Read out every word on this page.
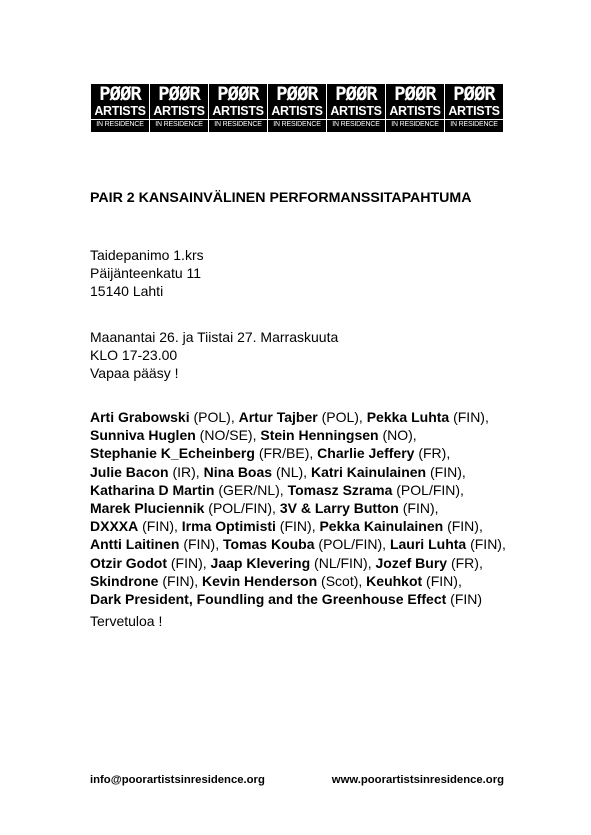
PØØR
ARTISTS
IN RESIDENCE
PØØR
ARTISTS
IN RESIDENCE
PØØR
ARTISTS
IN RESIDENCE
PØØR
ARTISTS
IN RESIDENCE
PØØR
ARTISTS
IN RESIDENCE
PØØR
ARTISTS
IN RESIDENCE
PØØR
ARTISTS
IN RESIDENCE
PAIR 2 KANSAINVÄLINEN PERFORMANSSITAPAHTUMA
Taidepanimo 1.krs
Päijänteenkatu 11
15140 Lahti
Maanantai 26. ja Tiistai 27. Marraskuuta
KLO 17-23.00
Vapaa pääsy !
Arti Grabowski (POL), Artur Tajber (POL), Pekka Luhta (FIN),
Sunniva Huglen (NO/SE), Stein Henningsen (NO),
Stephanie K_Echeinberg (FR/BE), Charlie Jeffery (FR),
Julie Bacon (IR), Nina Boas (NL), Katri Kainulainen (FIN),
Katharina D Martin (GER/NL), Tomasz Szrama (POL/FIN),
Marek Pluciennik (POL/FIN), 3V & Larry Button (FIN),
DXXXA (FIN), Irma Optimisti (FIN), Pekka Kainulainen (FIN),
Antti Laitinen (FIN), Tomas Kouba (POL/FIN), Lauri Luhta (FIN),
Otzir Godot (FIN), Jaap Klevering (NL/FIN), Jozef Bury (FR),
Skindrone (FIN), Kevin Henderson (Scot), Keuhkot (FIN),
Dark President, Foundling and the Greenhouse Effect (FIN)
Tervetuloa !
info@poorartistsinresidence.org	www.poorartistsinresidence.org
